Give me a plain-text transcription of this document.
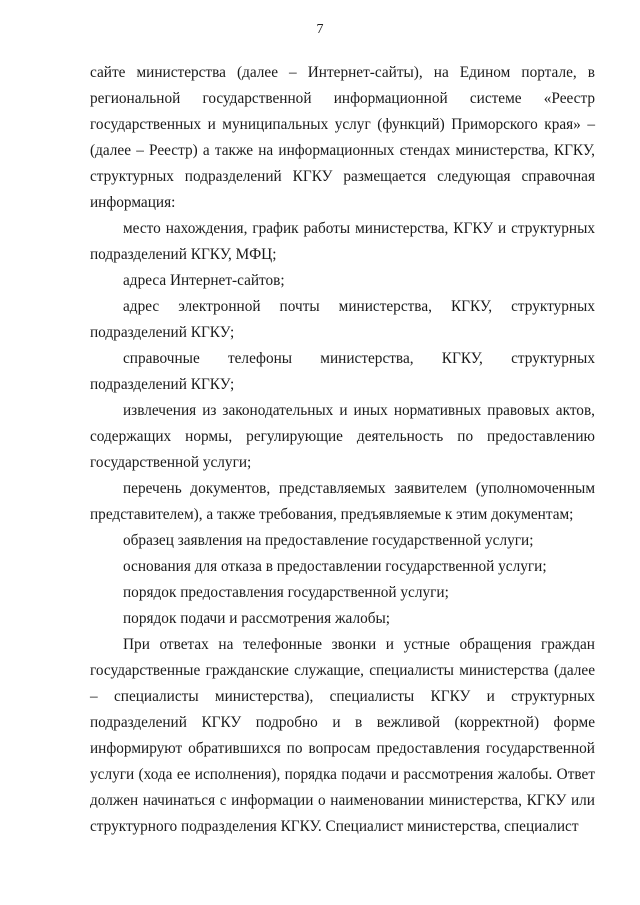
7

сайте министерства (далее – Интернет-сайты), на Едином портале, в региональной государственной информационной системе «Реестр государственных и муниципальных услуг (функций) Приморского края» – (далее – Реестр) а также на информационных стендах министерства, КГКУ, структурных подразделений КГКУ размещается следующая справочная информация:

место нахождения, график работы министерства, КГКУ и структурных подразделений КГКУ, МФЦ;

адреса Интернет-сайтов;

адрес электронной почты министерства, КГКУ, структурных подразделений КГКУ;

справочные телефоны министерства, КГКУ, структурных подразделений КГКУ;

извлечения из законодательных и иных нормативных правовых актов, содержащих нормы, регулирующие деятельность по предоставлению государственной услуги;

перечень документов, представляемых заявителем (уполномоченным представителем), а также требования, предъявляемые к этим документам;

образец заявления на предоставление государственной услуги;

основания для отказа в предоставлении государственной услуги;

порядок предоставления государственной услуги;

порядок подачи и рассмотрения жалобы;

При ответах на телефонные звонки и устные обращения граждан государственные гражданские служащие, специалисты министерства (далее – специалисты министерства), специалисты КГКУ и структурных подразделений КГКУ подробно и в вежливой (корректной) форме информируют обратившихся по вопросам предоставления государственной услуги (хода ее исполнения), порядка подачи и рассмотрения жалобы. Ответ должен начинаться с информации о наименовании министерства, КГКУ или структурного подразделения КГКУ. Специалист министерства, специалист
